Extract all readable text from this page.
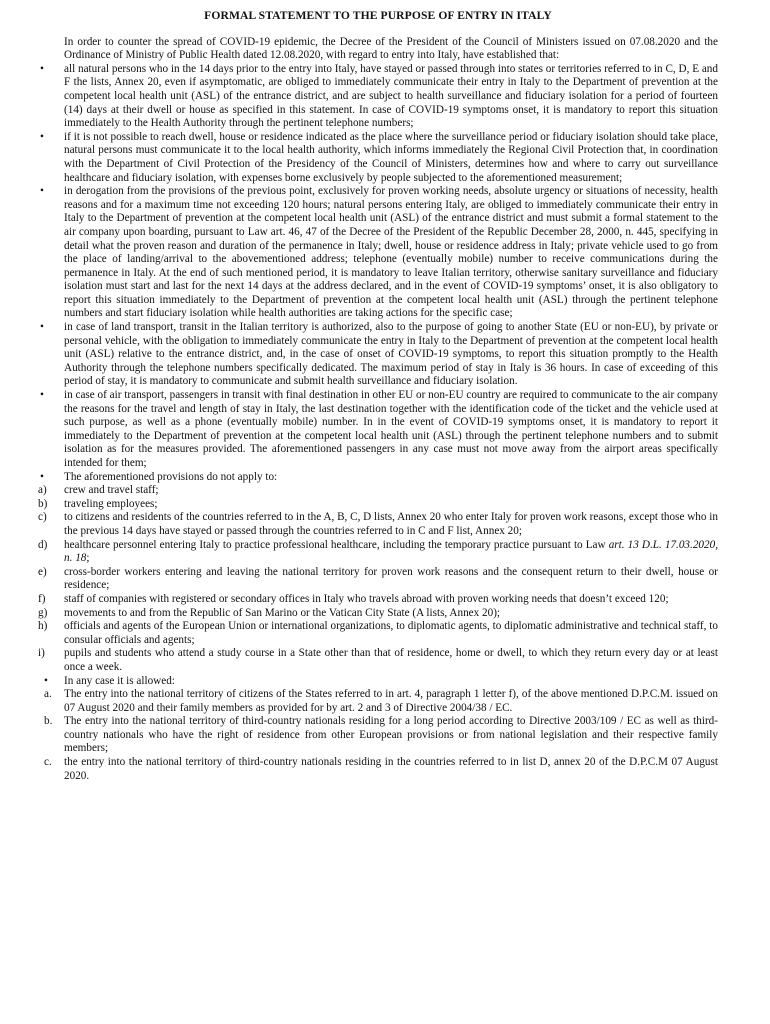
FORMAL STATEMENT TO THE PURPOSE OF ENTRY IN ITALY
In order to counter the spread of COVID-19 epidemic, the Decree of the President of the Council of Ministers issued on 07.08.2020 and the Ordinance of Ministry of Public Health dated 12.08.2020, with regard to entry into Italy, have established that:
•	all natural persons who in the 14 days prior to the entry into Italy, have stayed or passed through into states or territories referred to in C, D, E and F the lists, Annex 20, even if asymptomatic, are obliged to immediately communicate their entry in Italy to the Department of prevention at the competent local health unit (ASL) of the entrance district, and are subject to health surveillance and fiduciary isolation for a period of fourteen (14) days at their dwell or house as specified in this statement. In case of COVID-19 symptoms onset, it is mandatory to report this situation immediately to the Health Authority through the pertinent telephone numbers;
•	if it is not possible to reach dwell, house or residence indicated as the place where the surveillance period or fiduciary isolation should take place, natural persons must communicate it to the local health authority, which informs immediately the Regional Civil Protection that, in coordination with the Department of Civil Protection of the Presidency of the Council of Ministers, determines how and where to carry out surveillance healthcare and fiduciary isolation, with expenses borne exclusively by people subjected to the aforementioned measurement;
•	in derogation from the provisions of the previous point, exclusively for proven working needs, absolute urgency or situations of necessity, health reasons and for a maximum time not exceeding 120 hours; natural persons entering Italy, are obliged to immediately communicate their entry in Italy to the Department of prevention at the competent local health unit (ASL) of the entrance district and must submit a formal statement to the air company upon boarding, pursuant to Law art. 46, 47 of the Decree of the President of the Republic December 28, 2000, n. 445, specifying in detail what the proven reason and duration of the permanence in Italy; dwell, house or residence address in Italy; private vehicle used to go from the place of landing/arrival to the abovementioned address; telephone (eventually mobile) number to receive communications during the permanence in Italy. At the end of such mentioned period, it is mandatory to leave Italian territory, otherwise sanitary surveillance and fiduciary isolation must start and last for the next 14 days at the address declared, and in the event of COVID-19 symptoms’ onset, it is also obligatory to report this situation immediately to the Department of prevention at the competent local health unit (ASL) through the pertinent telephone numbers and start fiduciary isolation while health authorities are taking actions for the specific case;
•	in case of land transport, transit in the Italian territory is authorized, also to the purpose of going to another State (EU or non-EU), by private or personal vehicle, with the obligation to immediately communicate the entry in Italy to the Department of prevention at the competent local health unit (ASL) relative to the entrance district, and, in the case of onset of COVID-19 symptoms, to report this situation promptly to the Health Authority through the telephone numbers specifically dedicated. The maximum period of stay in Italy is 36 hours. In case of exceeding of this period of stay, it is mandatory to communicate and submit health surveillance and fiduciary isolation.
•	in case of air transport, passengers in transit with final destination in other EU or non-EU country are required to communicate to the air company the reasons for the travel and length of stay in Italy, the last destination together with the identification code of the ticket and the vehicle used at such purpose, as well as a phone (eventually mobile) number. In in the event of COVID-19 symptoms onset, it is mandatory to report it immediately to the Department of prevention at the competent local health unit (ASL) through the pertinent telephone numbers and to submit isolation as for the measures provided. The aforementioned passengers in any case must not move away from the airport areas specifically intended for them;
•	The aforementioned provisions do not apply to:
a)	crew and travel staff;
b)	traveling employees;
c)	to citizens and residents of the countries referred to in the A, B, C, D lists, Annex 20 who enter Italy for proven work reasons, except those who in the previous 14 days have stayed or passed through the countries referred to in C and F list, Annex 20;
d)	healthcare personnel entering Italy to practice professional healthcare, including the temporary practice pursuant to Law art. 13 D.L. 17.03.2020, n. 18;
e)	cross-border workers entering and leaving the national territory for proven work reasons and the consequent return to their dwell, house or residence;
f)	staff of companies with registered or secondary offices in Italy who travels abroad with proven working needs that doesn’t exceed 120;
g)	movements to and from the Republic of San Marino or the Vatican City State (A lists, Annex 20);
h)	officials and agents of the European Union or international organizations, to diplomatic agents, to diplomatic administrative and technical staff, to consular officials and agents;
i)	pupils and students who attend a study course in a State other than that of residence, home or dwell, to which they return every day or at least once a week.
•	In any case it is allowed:
a.	The entry into the national territory of citizens of the States referred to in art. 4, paragraph 1 letter f), of the above mentioned D.P.C.M. issued on 07 August 2020 and their family members as provided for by art. 2 and 3 of Directive 2004/38 / EC.
b.	The entry into the national territory of third-country nationals residing for a long period according to Directive 2003/109 / EC as well as third-country nationals who have the right of residence from other European provisions or from national legislation and their respective family members;
c.	the entry into the national territory of third-country nationals residing in the countries referred to in list D, annex 20 of the D.P.C.M 07 August 2020.
